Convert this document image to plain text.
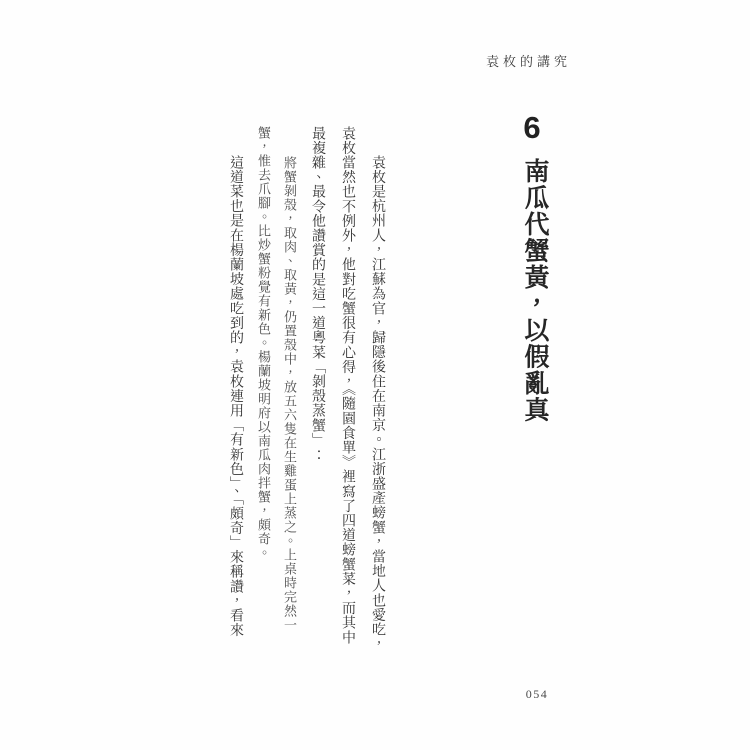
袁枚的講究
6
南瓜代蟹黃，以假亂真

袁枚是杭州人，江蘇為官，歸隱後住在南京。江浙盛產螃蟹，當地人也愛吃，袁枚當然也不例外，他對吃蟹很有心得，《隨園食單》裡寫了四道螃蟹菜，而其中最複雜、最令他讚賞的是這一道粵菜「剝殼蒸蟹」：

將蟹剝殼，取肉、取黃，仍置殼中，放五六隻在生雞蛋上蒸之。上桌時完然一蟹，惟去爪腳。比炒蟹粉覺有新色。楊蘭坡明府以南瓜肉拌蟹，頗奇。

這道菜也是在楊蘭坡處吃到的，袁枚連用「有新色」、「頗奇」來稱讚，看來

054
